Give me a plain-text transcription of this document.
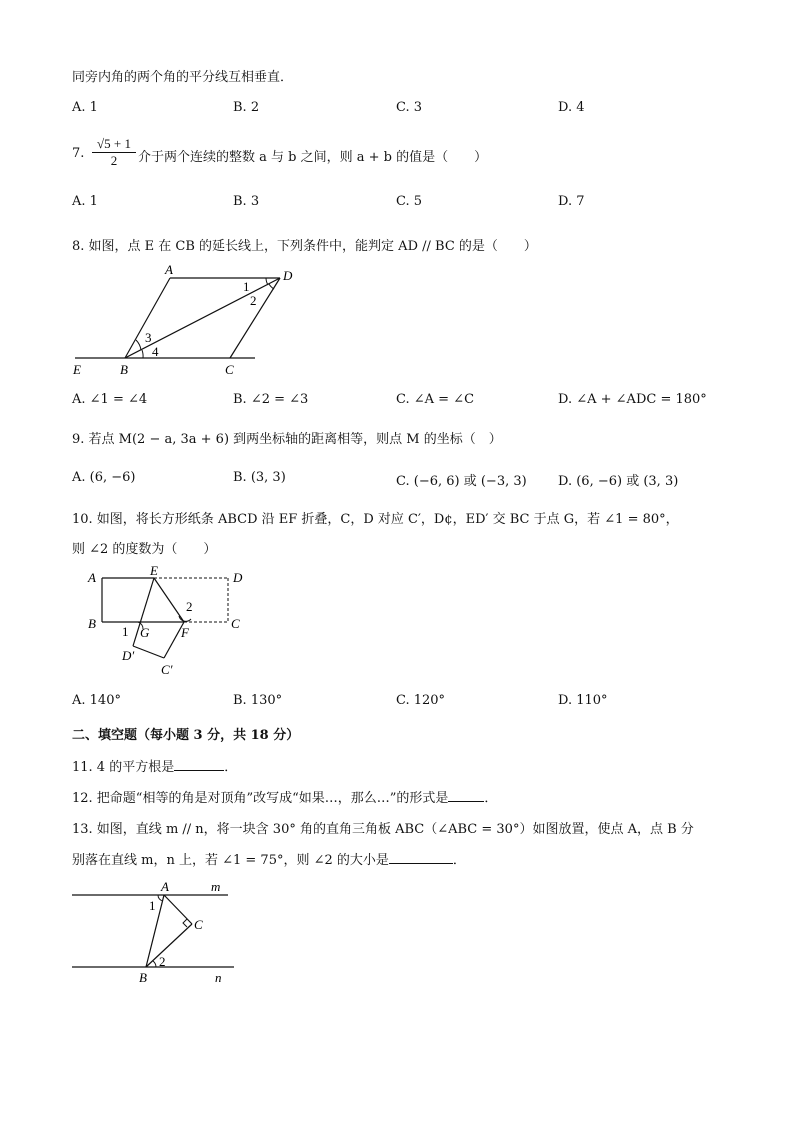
同旁内角的两个角的平分线互相垂直．
A. 1	B. 2	C. 3	D. 4
7. $\frac{√5 + 1}{2}$ 介于两个连续的整数 a 与 b 之间，则 a + b 的值是（　　）
A. 1	B. 3	C. 5	D. 7
8. 如图，点 E 在 CB 的延长线上，下列条件中，能判定 AD // BC 的是（　　）
A	D
E	B	C
1
2
3
4
A. ∠1 = ∠4	B. ∠2 = ∠3	C. ∠A = ∠C	D. ∠A + ∠ADC = 180°
9. 若点 M(2 − a, 3a + 6) 到两坐标轴的距离相等，则点 M 的坐标（　）
A. (6, −6)	B. (3, 3)	C. (−6, 6) 或 (−3, 3) D. (6, −6) 或 (3, 3)
10. 如图，将长方形纸条 ABCD 沿 EF 折叠，C，D 对应 C′，D¢，ED′ 交 BC 于点 G，若 ∠1 = 80°，
则 ∠2 的度数为（　　）
A	E	D
B	C
G F
D′
C′
1
2
A. 140°	B. 130°	C. 120°	D. 110°
二、填空题（每小题 3 分，共 18 分）
11. 4 的平方根是	．
12. 把命题“相等的角是对顶角”改写成“如果…，那么…”的形式是	．
13. 如图，直线 m // n，将一块含 30° 角的直角三角板 ABC（∠ABC = 30°）如图放置，使点 A，点 B 分
别落在直线 m，n 上，若 ∠1 = 75°，则 ∠2 的大小是	．
A	m
C
B	n
1
2
